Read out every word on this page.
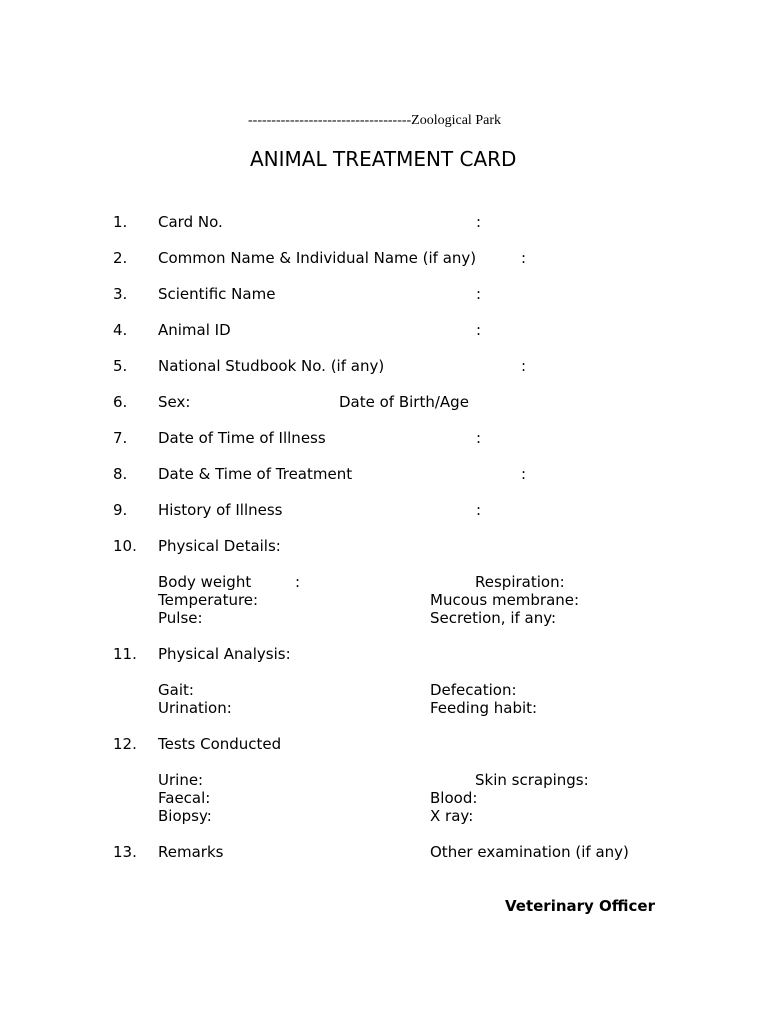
-----------------------------------Zoological Park
ANIMAL TREATMENT CARD
1. Card No.	:
2. Common Name & Individual Name (if any)	:
3. Scientific Name	:
4. Animal ID	:
5. National Studbook No. (if any)	:
6. Sex:	Date of Birth/Age
7. Date of Time of Illness	:
8. Date & Time of Treatment	:
9. History of Illness	:
10. Physical Details:
Body weight	:	Respiration:
Temperature:	Mucous membrane:
Pulse:	Secretion, if any:
11. Physical Analysis:
Gait:	Defecation:
Urination:	Feeding habit:
12. Tests Conducted
Urine:	Skin scrapings:
Faecal:	Blood:
Biopsy:	X ray:
13. Remarks	Other examination (if any)
Veterinary Officer
